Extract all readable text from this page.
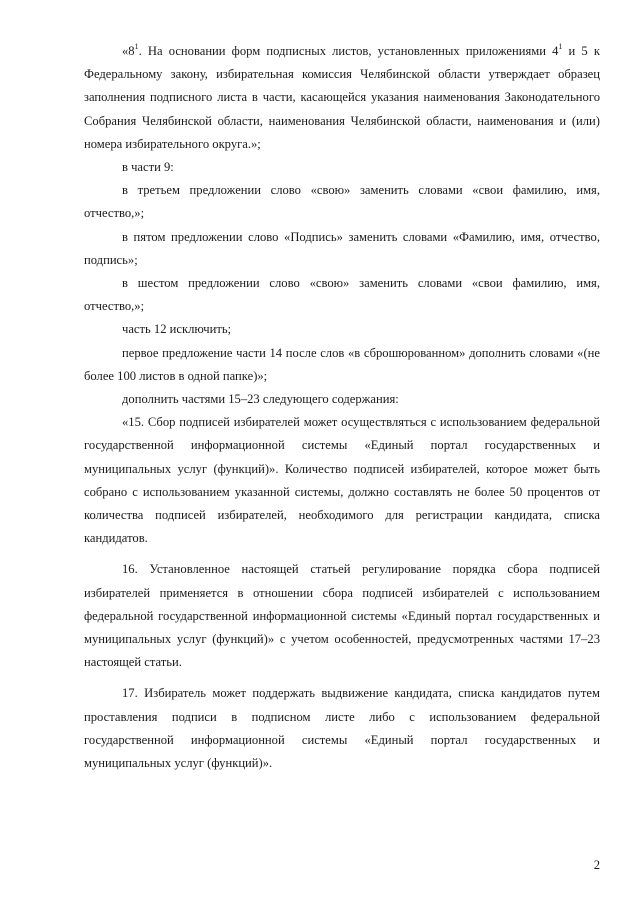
«$8^1$. На основании форм подписных листов, установленных приложениями $4^1$ и 5 к Федеральному закону, избирательная комиссия Челябинской области утверждает образец заполнения подписного листа в части, касающейся указания наименования Законодательного Собрания Челябинской области, наименования Челябинской области, наименования и (или) номера избирательного округа.»;

в части 9:

в третьем предложении слово «свою» заменить словами «свои фамилию, имя, отчество,»;

в пятом предложении слово «Подпись» заменить словами «Фамилию, имя, отчество, подпись»;

в шестом предложении слово «свою» заменить словами «свои фамилию, имя, отчество,»;

часть 12 исключить;

первое предложение части 14 после слов «в сброшюрованном» дополнить словами «(не более 100 листов в одной папке)»;

дополнить частями 15–23 следующего содержания:

«15. Сбор подписей избирателей может осуществляться с использованием федеральной государственной информационной системы «Единый портал государственных и муниципальных услуг (функций)». Количество подписей избирателей, которое может быть собрано с использованием указанной системы, должно составлять не более 50 процентов от количества подписей избирателей, необходимого для регистрации кандидата, списка кандидатов.

16. Установленное настоящей статьей регулирование порядка сбора подписей избирателей применяется в отношении сбора подписей избирателей с использованием федеральной государственной информационной системы «Единый портал государственных и муниципальных услуг (функций)» с учетом особенностей, предусмотренных частями 17–23 настоящей статьи.

17. Избиратель может поддержать выдвижение кандидата, списка кандидатов путем проставления подписи в подписном листе либо с использованием федеральной государственной информационной системы «Единый портал государственных и муниципальных услуг (функций)».

2
